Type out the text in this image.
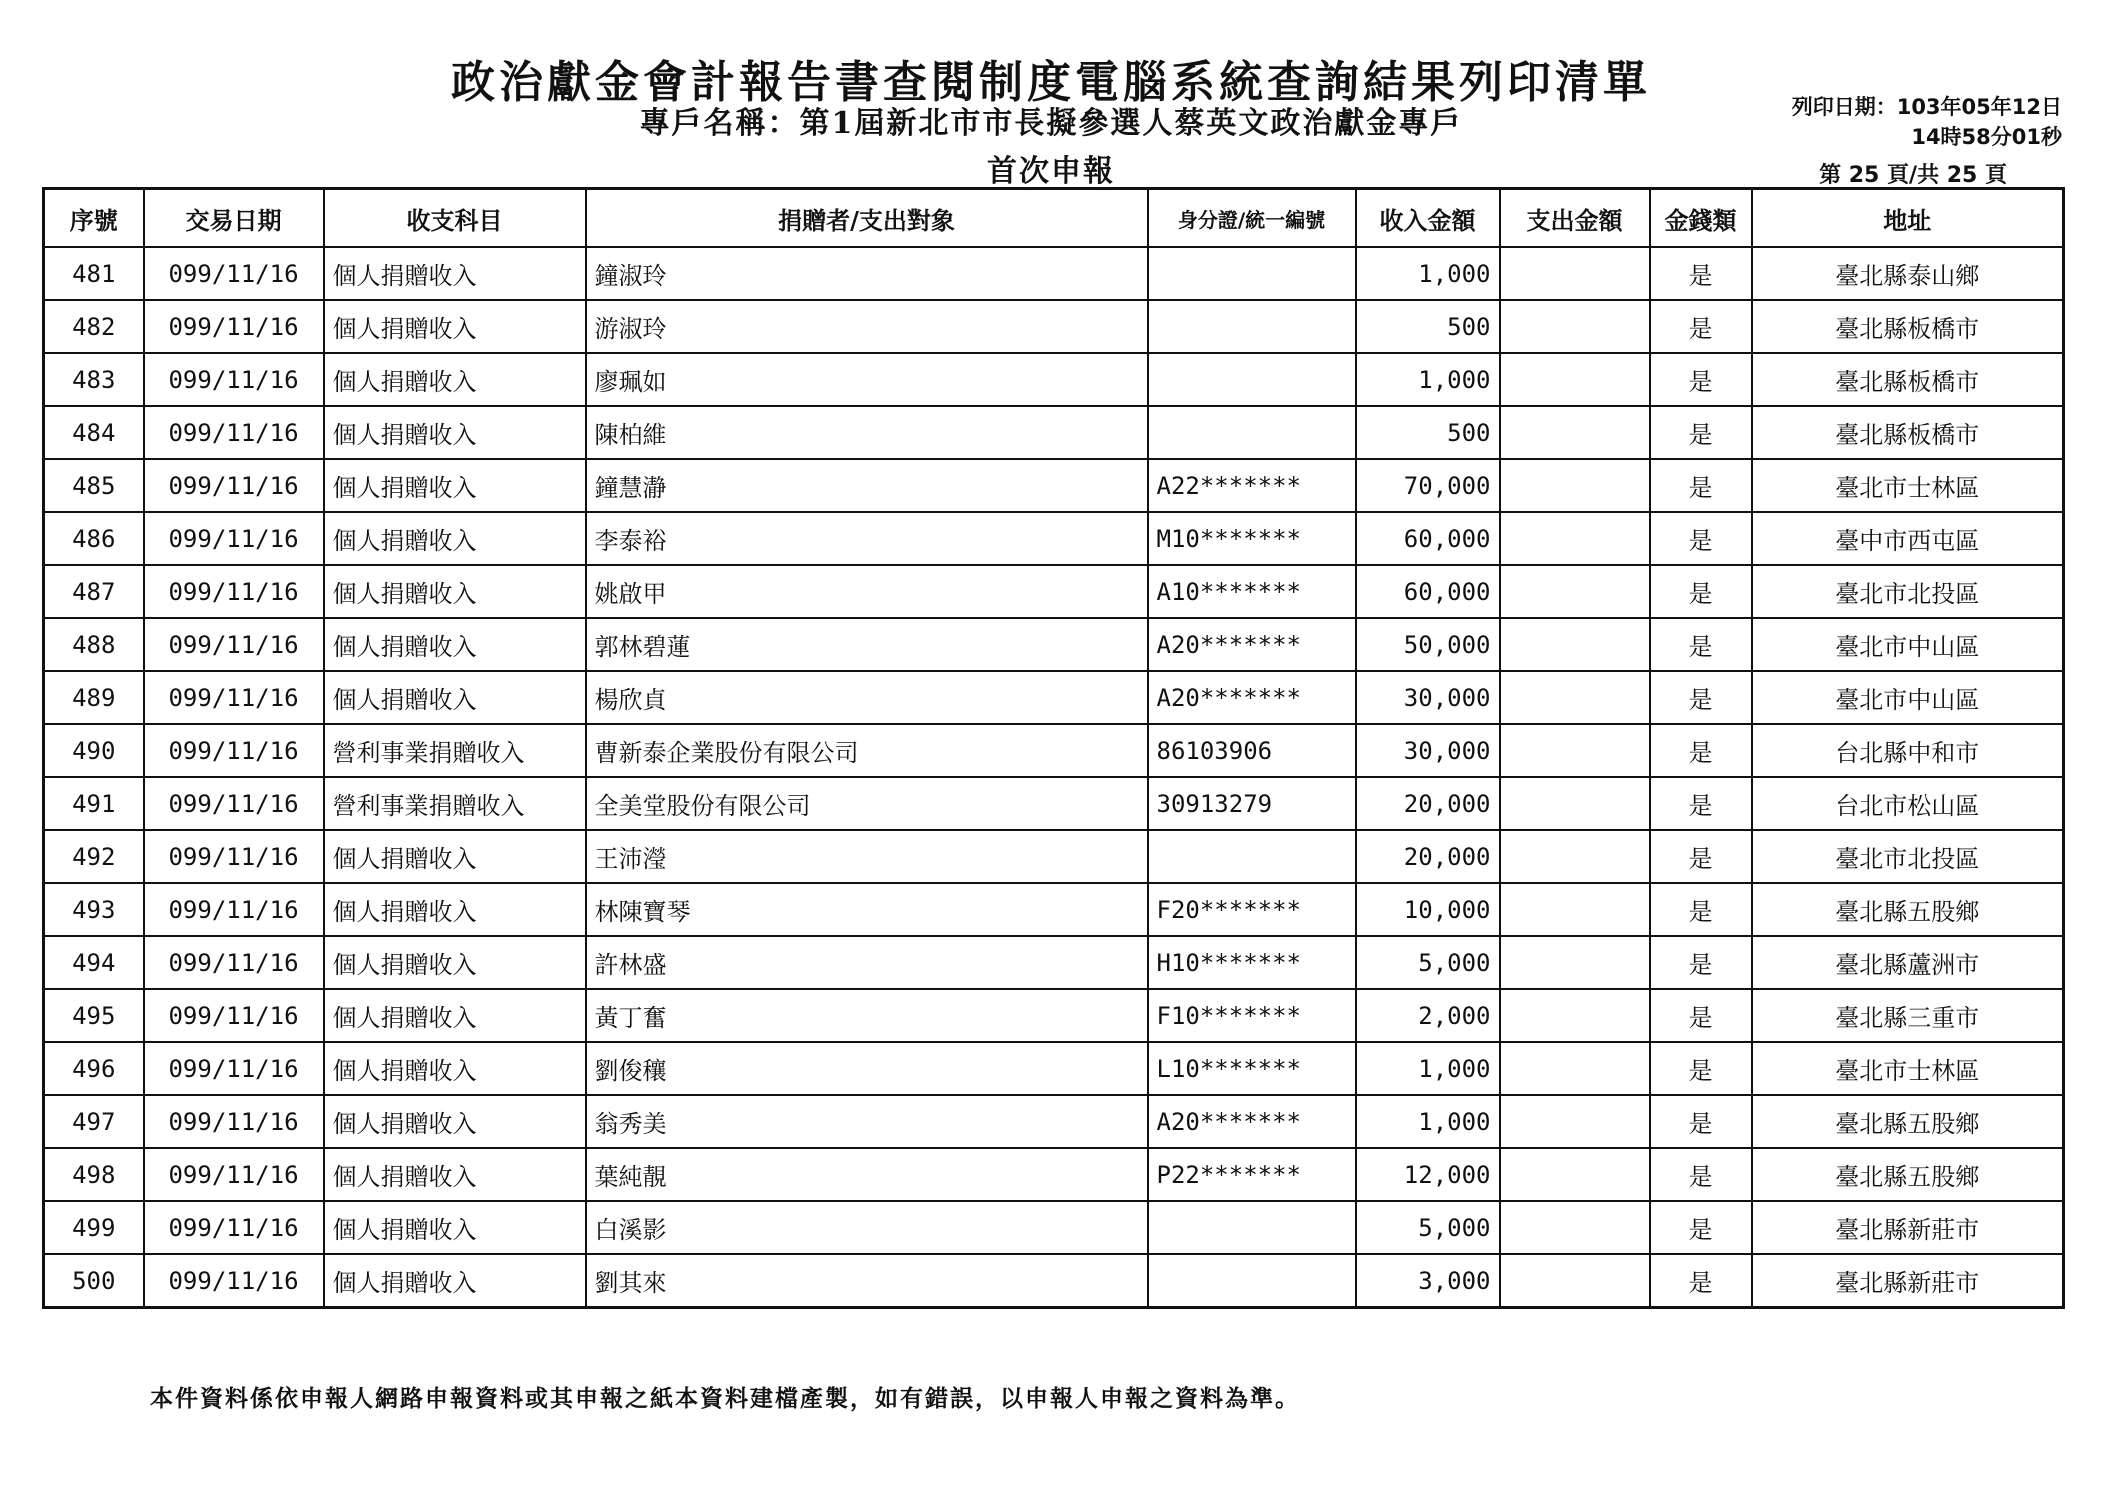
政治獻金會計報告書查閱制度電腦系統查詢結果列印清單
專戶名稱：第1屆新北市市長擬參選人蔡英文政治獻金專戶
首次申報
列印日期：103年05年12日
14時58分01秒
第 25 頁/共 25 頁
序號	交易日期	收支科目	捐贈者/支出對象	身分證/統一編號	收入金額	支出金額	金錢類	地址
481	099/11/16	個人捐贈收入	鐘淑玲		1,000		是	臺北縣泰山鄉
482	099/11/16	個人捐贈收入	游淑玲		500		是	臺北縣板橋市
483	099/11/16	個人捐贈收入	廖珮如		1,000		是	臺北縣板橋市
484	099/11/16	個人捐贈收入	陳柏維		500		是	臺北縣板橋市
485	099/11/16	個人捐贈收入	鐘慧瀞	A22*******	70,000		是	臺北市士林區
486	099/11/16	個人捐贈收入	李泰裕	M10*******	60,000		是	臺中市西屯區
487	099/11/16	個人捐贈收入	姚啟甲	A10*******	60,000		是	臺北市北投區
488	099/11/16	個人捐贈收入	郭林碧蓮	A20*******	50,000		是	臺北市中山區
489	099/11/16	個人捐贈收入	楊欣貞	A20*******	30,000		是	臺北市中山區
490	099/11/16	營利事業捐贈收入	曹新泰企業股份有限公司	86103906	30,000		是	台北縣中和市
491	099/11/16	營利事業捐贈收入	全美堂股份有限公司	30913279	20,000		是	台北市松山區
492	099/11/16	個人捐贈收入	王沛瀅		20,000		是	臺北市北投區
493	099/11/16	個人捐贈收入	林陳寶琴	F20*******	10,000		是	臺北縣五股鄉
494	099/11/16	個人捐贈收入	許林盛	H10*******	5,000		是	臺北縣蘆洲市
495	099/11/16	個人捐贈收入	黃丁奮	F10*******	2,000		是	臺北縣三重市
496	099/11/16	個人捐贈收入	劉俊穰	L10*******	1,000		是	臺北市士林區
497	099/11/16	個人捐贈收入	翁秀美	A20*******	1,000		是	臺北縣五股鄉
498	099/11/16	個人捐贈收入	葉純靚	P22*******	12,000		是	臺北縣五股鄉
499	099/11/16	個人捐贈收入	白溪影		5,000		是	臺北縣新莊市
500	099/11/16	個人捐贈收入	劉其來		3,000		是	臺北縣新莊市
本件資料係依申報人網路申報資料或其申報之紙本資料建檔產製，如有錯誤，以申報人申報之資料為準。
